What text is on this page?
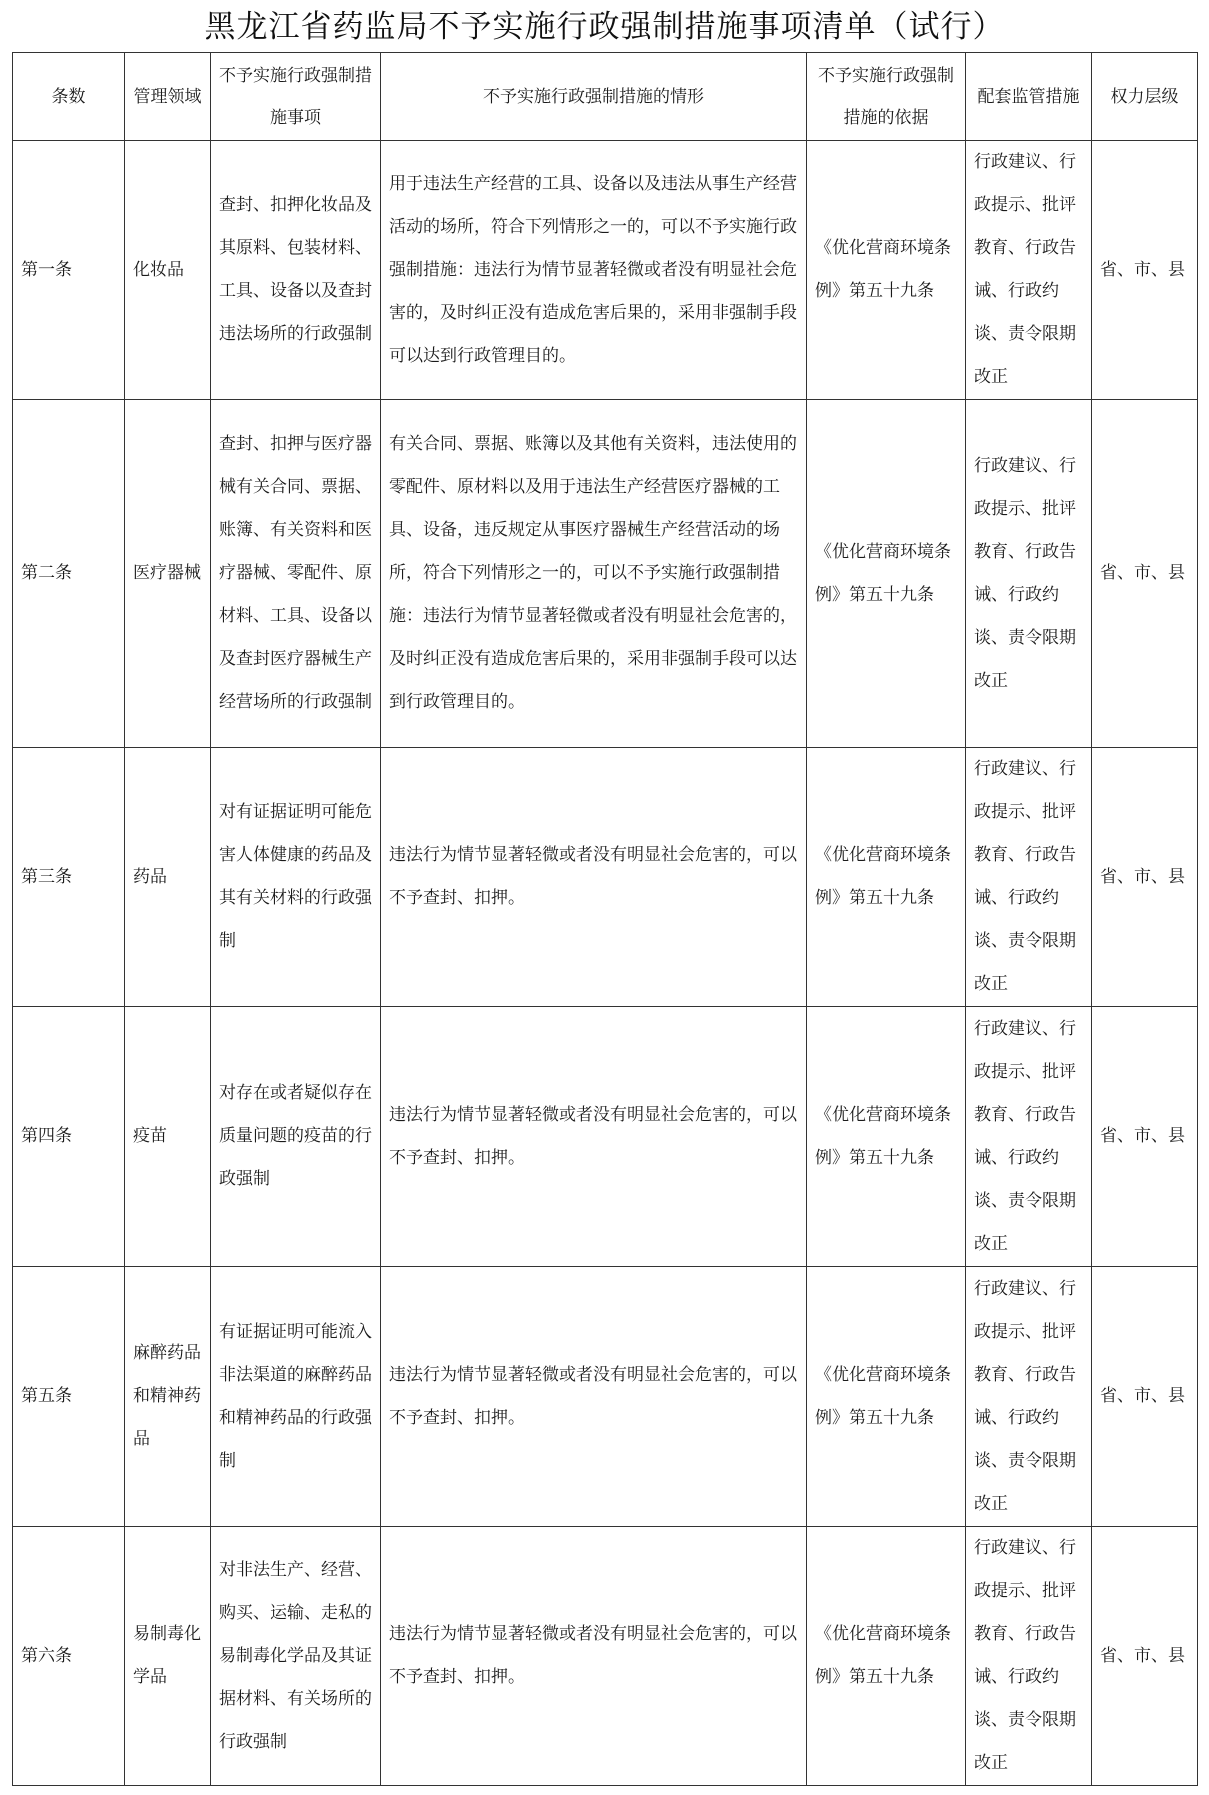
黑龙江省药监局不予实施行政强制措施事项清单（试行）
条数	管理领域	不予实施行政强制措施事项	不予实施行政强制措施的情形	不予实施行政强制措施的依据	配套监管措施	权力层级

第一条	化妆品	查封、扣押化妆品及其原料、包装材料、工具、设备以及查封违法场所的行政强制	用于违法生产经营的工具、设备以及违法从事生产经营活动的场所，符合下列情形之一的，可以不予实施行政强制措施：违法行为情节显著轻微或者没有明显社会危害的，及时纠正没有造成危害后果的，采用非强制手段可以达到行政管理目的。	《优化营商环境条例》第五十九条	行政建议、行政提示、批评教育、行政告诫、行政约谈、责令限期改正	省、市、县
第二条	医疗器械	查封、扣押与医疗器械有关合同、票据、账簿、有关资料和医疗器械、零配件、原材料、工具、设备以及查封医疗器械生产经营场所的行政强制	有关合同、票据、账簿以及其他有关资料，违法使用的零配件、原材料以及用于违法生产经营医疗器械的工具、设备，违反规定从事医疗器械生产经营活动的场所，符合下列情形之一的，可以不予实施行政强制措施：违法行为情节显著轻微或者没有明显社会危害的，及时纠正没有造成危害后果的，采用非强制手段可以达到行政管理目的。	《优化营商环境条例》第五十九条	行政建议、行政提示、批评教育、行政告诫、行政约谈、责令限期改正	省、市、县
第三条	药品	对有证据证明可能危害人体健康的药品及其有关材料的行政强制	违法行为情节显著轻微或者没有明显社会危害的，可以不予查封、扣押。	《优化营商环境条例》第五十九条	行政建议、行政提示、批评教育、行政告诫、行政约谈、责令限期改正	省、市、县
第四条	疫苗	对存在或者疑似存在质量问题的疫苗的行政强制	违法行为情节显著轻微或者没有明显社会危害的，可以不予查封、扣押。	《优化营商环境条例》第五十九条	行政建议、行政提示、批评教育、行政告诫、行政约谈、责令限期改正	省、市、县
第五条	麻醉药品和精神药品	有证据证明可能流入非法渠道的麻醉药品和精神药品的行政强制	违法行为情节显著轻微或者没有明显社会危害的，可以不予查封、扣押。	《优化营商环境条例》第五十九条	行政建议、行政提示、批评教育、行政告诫、行政约谈、责令限期改正	省、市、县
第六条	易制毒化学品	对非法生产、经营、购买、运输、走私的易制毒化学品及其证据材料、有关场所的行政强制	违法行为情节显著轻微或者没有明显社会危害的，可以不予查封、扣押。	《优化营商环境条例》第五十九条	行政建议、行政提示、批评教育、行政告诫、行政约谈、责令限期改正	省、市、县
